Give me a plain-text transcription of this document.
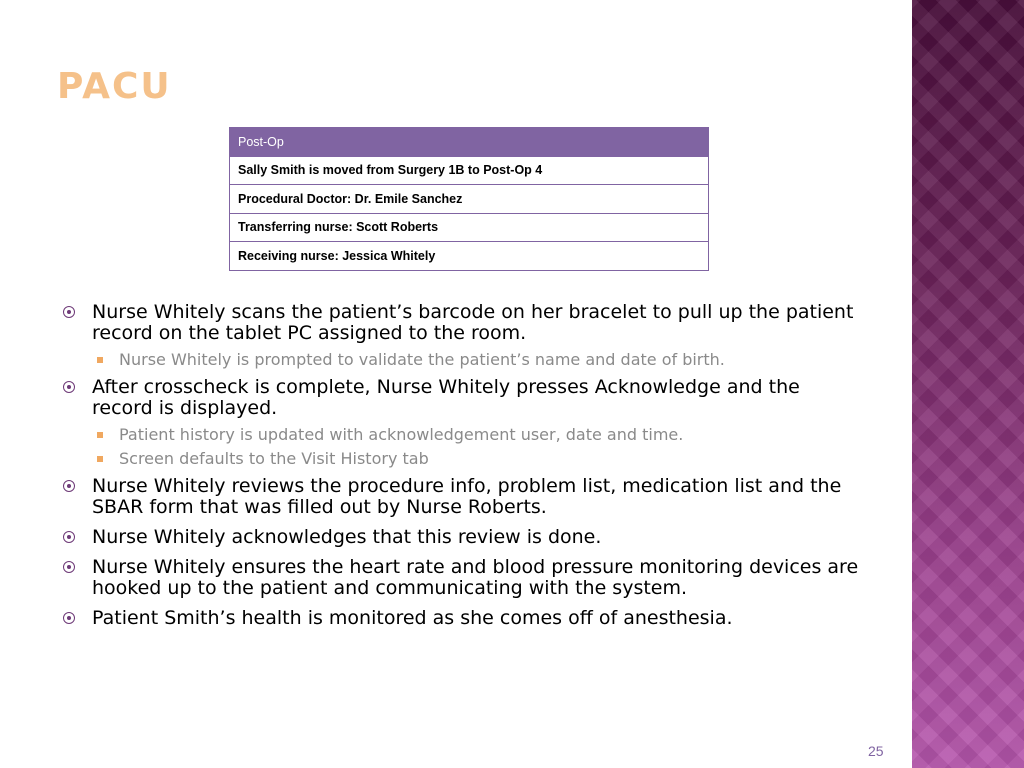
PACU
Post-Op
Sally Smith is moved from Surgery 1B to Post-Op 4
Procedural Doctor: Dr. Emile Sanchez
Transferring nurse: Scott Roberts
Receiving nurse: Jessica Whitely
Nurse Whitely scans the patient’s barcode on her bracelet to pull up the patient record on the tablet PC assigned to the room.
Nurse Whitely is prompted to validate the patient’s name and date of birth.
After crosscheck is complete, Nurse Whitely presses Acknowledge and the record is displayed.
Patient history is updated with acknowledgement user, date and time.
Screen defaults to the Visit History tab
Nurse Whitely reviews the procedure info, problem list, medication list and the SBAR form that was filled out by Nurse Roberts.
Nurse Whitely acknowledges that this review is done.
Nurse Whitely ensures the heart rate and blood pressure monitoring devices are hooked up to the patient and communicating with the system.
Patient Smith’s health is monitored as she comes off of anesthesia.
25
